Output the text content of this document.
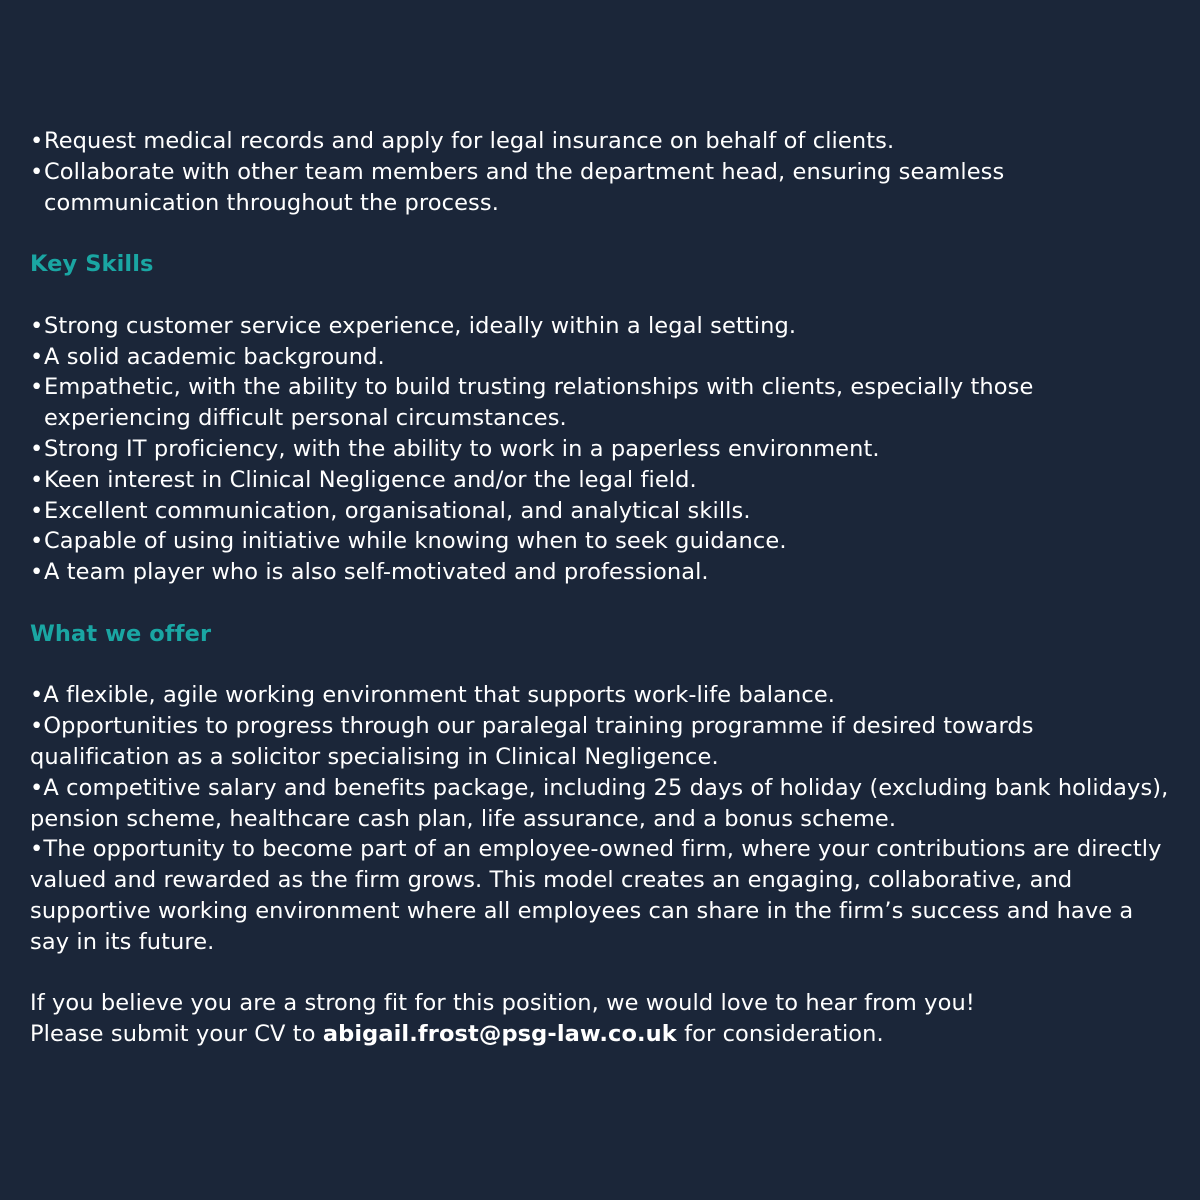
• Request medical records and apply for legal insurance on behalf of clients.
• Collaborate with other team members and the department head, ensuring seamless communication throughout the process.
Key Skills
• Strong customer service experience, ideally within a legal setting.
• A solid academic background.
• Empathetic, with the ability to build trusting relationships with clients, especially those experiencing difficult personal circumstances.
• Strong IT proficiency, with the ability to work in a paperless environment.
• Keen interest in Clinical Negligence and/or the legal field.
• Excellent communication, organisational, and analytical skills.
• Capable of using initiative while knowing when to seek guidance.
• A team player who is also self-motivated and professional.
What we offer
•A flexible, agile working environment that supports work-life balance.
•Opportunities to progress through our paralegal training programme if desired towards qualification as a solicitor specialising in Clinical Negligence.
•A competitive salary and benefits package, including 25 days of holiday (excluding bank holidays), pension scheme, healthcare cash plan, life assurance, and a bonus scheme.
•The opportunity to become part of an employee-owned firm, where your contributions are directly valued and rewarded as the firm grows. This model creates an engaging, collaborative, and supportive working environment where all employees can share in the firm’s success and have a say in its future.

If you believe you are a strong fit for this position, we would love to hear from you!

Please submit your CV to abigail.frost@psg-law.co.uk for consideration.
